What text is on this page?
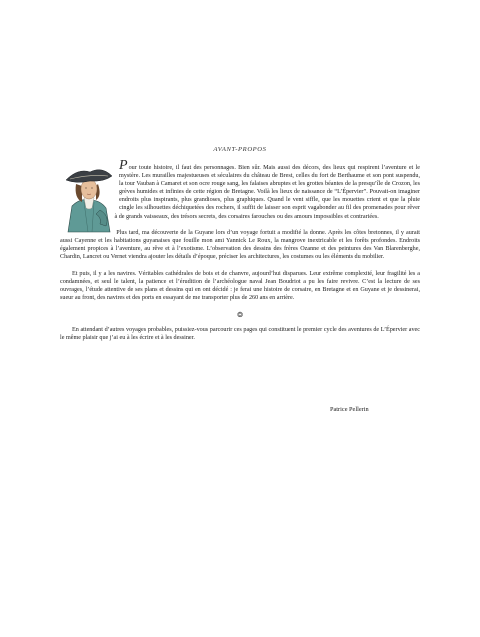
AVANT-PROPOS

Pour toute histoire, il faut des personnages. Bien sûr. Mais aussi des décors, des lieux qui respirent l’aventure et le mystère. Les murailles majestueuses et séculaires du château de Brest, celles du fort de Berthaume et son pont suspendu, la tour Vauban à Camaret et son ocre rouge sang, les falaises abruptes et les grottes béantes de la presqu’île de Crozon, les grèves humides et infinies de cette région de Bretagne. Voilà les lieux de naissance de “L’Épervier”. Pouvait-on imaginer endroits plus inspirants, plus grandioses, plus graphiques. Quand le vent siffle, que les mouettes crient et que la pluie cingle les silhouettes déchiquetées des rochers, il suffit de laisser son esprit vagabonder au fil des promenades pour rêver à de grands vaisseaux, des trésors secrets, des corsaires farouches ou des amours impossibles et contrariées.

Plus tard, ma découverte de la Guyane lors d’un voyage fortuit a modifié la donne. Après les côtes bretonnes, il y aurait aussi Cayenne et les habitations guyanaises que fouille mon ami Yannick Le Roux, la mangrove inextricable et les forêts profondes. Endroits également propices à l’aventure, au rêve et à l’exotisme. L’observation des dessins des frères Ozanne et des peintures des Van Blarenberghe, Chardin, Lancret ou Vernet viendra ajouter les détails d’époque, préciser les architectures, les costumes ou les éléments du mobilier.

Et puis, il y a les navires. Véritables cathédrales de bois et de chanvre, aujourd’hui disparues. Leur extrême complexité, leur fragilité les a condamnées, et seul le talent, la patience et l’érudition de l’archéologue naval Jean Boudriot a pu les faire revivre. C’est la lecture de ses ouvrages, l’étude attentive de ses plans et dessins qui en ont décidé : je ferai une histoire de corsaire, en Bretagne et en Guyane et je dessinerai, sueur au front, des navires et des ports en essayant de me transporter plus de 260 ans en arrière.

❂

En attendant d’autres voyages probables, puissiez-vous parcourir ces pages qui constituent le premier cycle des aventures de L’Épervier avec le même plaisir que j’ai eu à les écrire et à les dessiner.

Patrice Pellerin
